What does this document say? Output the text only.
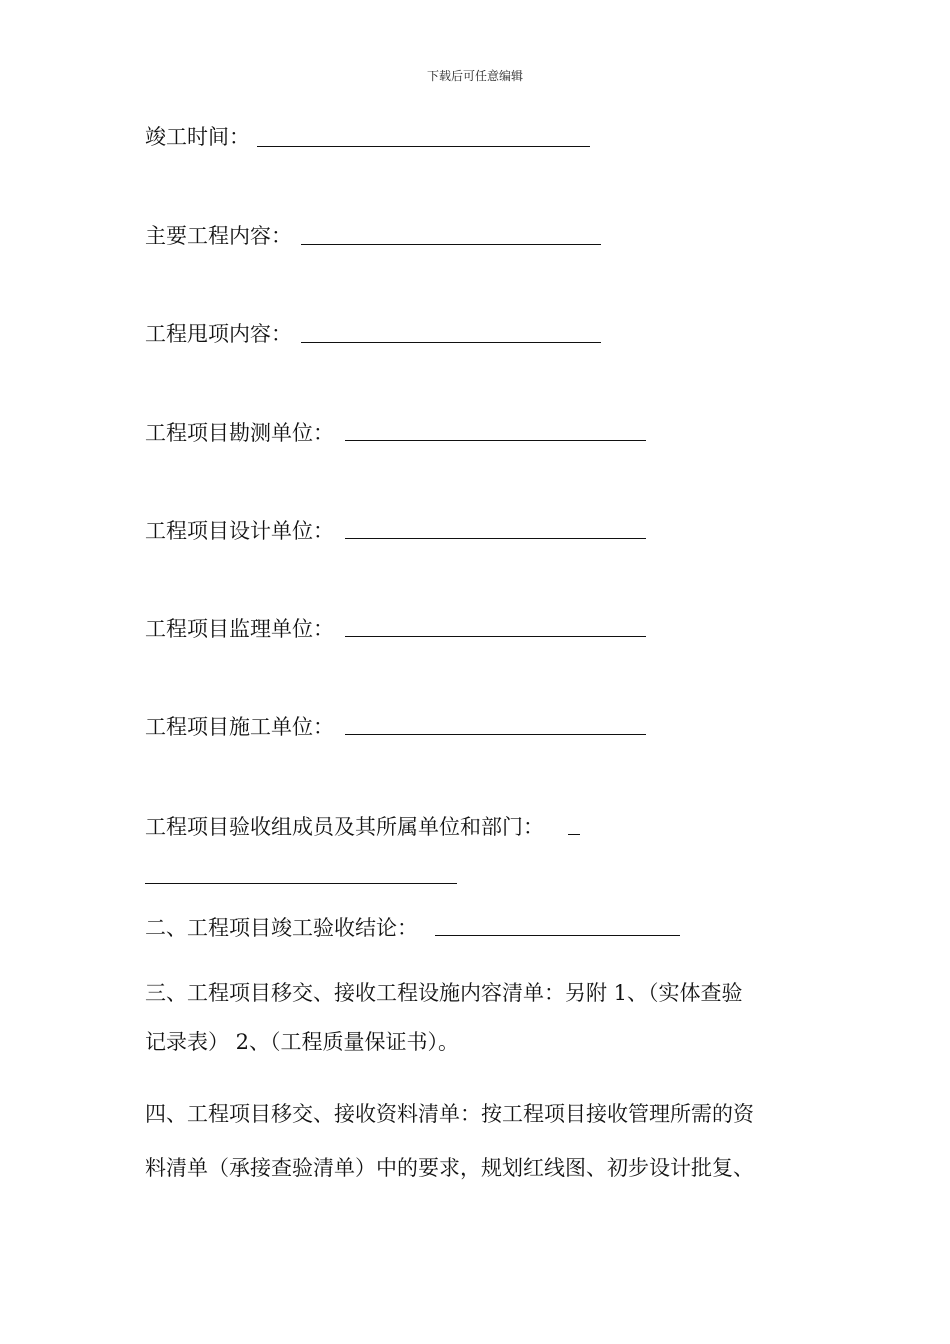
下载后可任意编辑
竣工时间：
主要工程内容：
工程甩项内容：
工程项目勘测单位：
工程项目设计单位：
工程项目监理单位：
工程项目施工单位：
工程项目验收组成员及其所属单位和部门：
二、工程项目竣工验收结论：
三、工程项目移交、接收工程设施内容清单：另附 1、（实体查验
记录表） 2、（工程质量保证书）。
四、工程项目移交、接收资料清单：按工程项目接收管理所需的资
料清单（承接查验清单）中的要求，规划红线图、初步设计批复、
